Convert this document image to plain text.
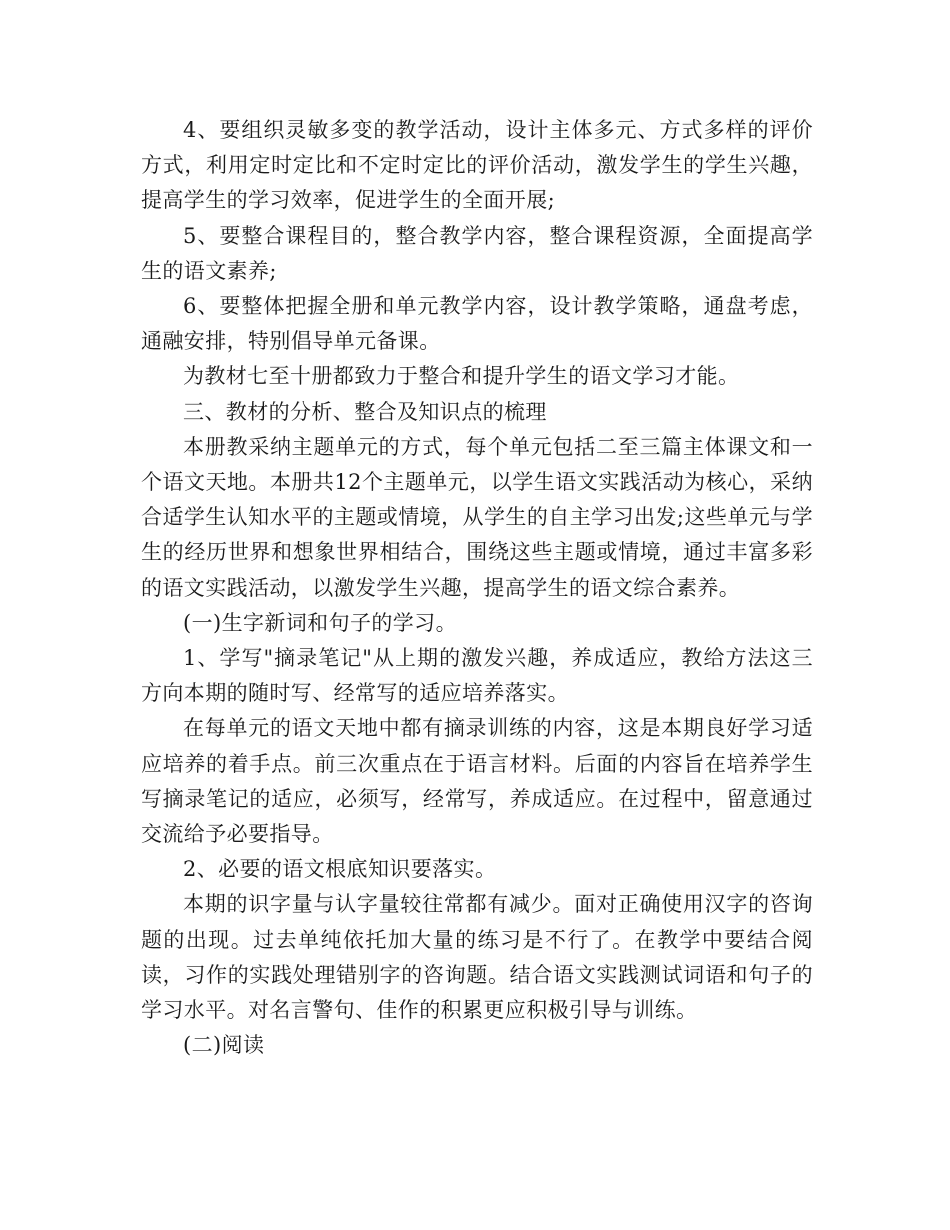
4、要组织灵敏多变的教学活动，设计主体多元、方式多样的评价方式，利用定时定比和不定时定比的评价活动，激发学生的学生兴趣，提高学生的学习效率，促进学生的全面开展;

5、要整合课程目的，整合教学内容，整合课程资源，全面提高学生的语文素养;

6、要整体把握全册和单元教学内容，设计教学策略，通盘考虑，通融安排，特别倡导单元备课。

为教材七至十册都致力于整合和提升学生的语文学习才能。

三、教材的分析、整合及知识点的梳理

本册教采纳主题单元的方式，每个单元包括二至三篇主体课文和一个语文天地。本册共12个主题单元，以学生语文实践活动为核心，采纳合适学生认知水平的主题或情境，从学生的自主学习出发;这些单元与学生的经历世界和想象世界相结合，围绕这些主题或情境，通过丰富多彩的语文实践活动，以激发学生兴趣，提高学生的语文综合素养。

(一)生字新词和句子的学习。

1、学写"摘录笔记"从上期的激发兴趣，养成适应，教给方法这三方向本期的随时写、经常写的适应培养落实。

在每单元的语文天地中都有摘录训练的内容，这是本期良好学习适应培养的着手点。前三次重点在于语言材料。后面的内容旨在培养学生写摘录笔记的适应，必须写，经常写，养成适应。在过程中，留意通过交流给予必要指导。

2、必要的语文根底知识要落实。

本期的识字量与认字量较往常都有减少。面对正确使用汉字的咨询题的出现。过去单纯依托加大量的练习是不行了。在教学中要结合阅读，习作的实践处理错别字的咨询题。结合语文实践测试词语和句子的学习水平。对名言警句、佳作的积累更应积极引导与训练。

(二)阅读
